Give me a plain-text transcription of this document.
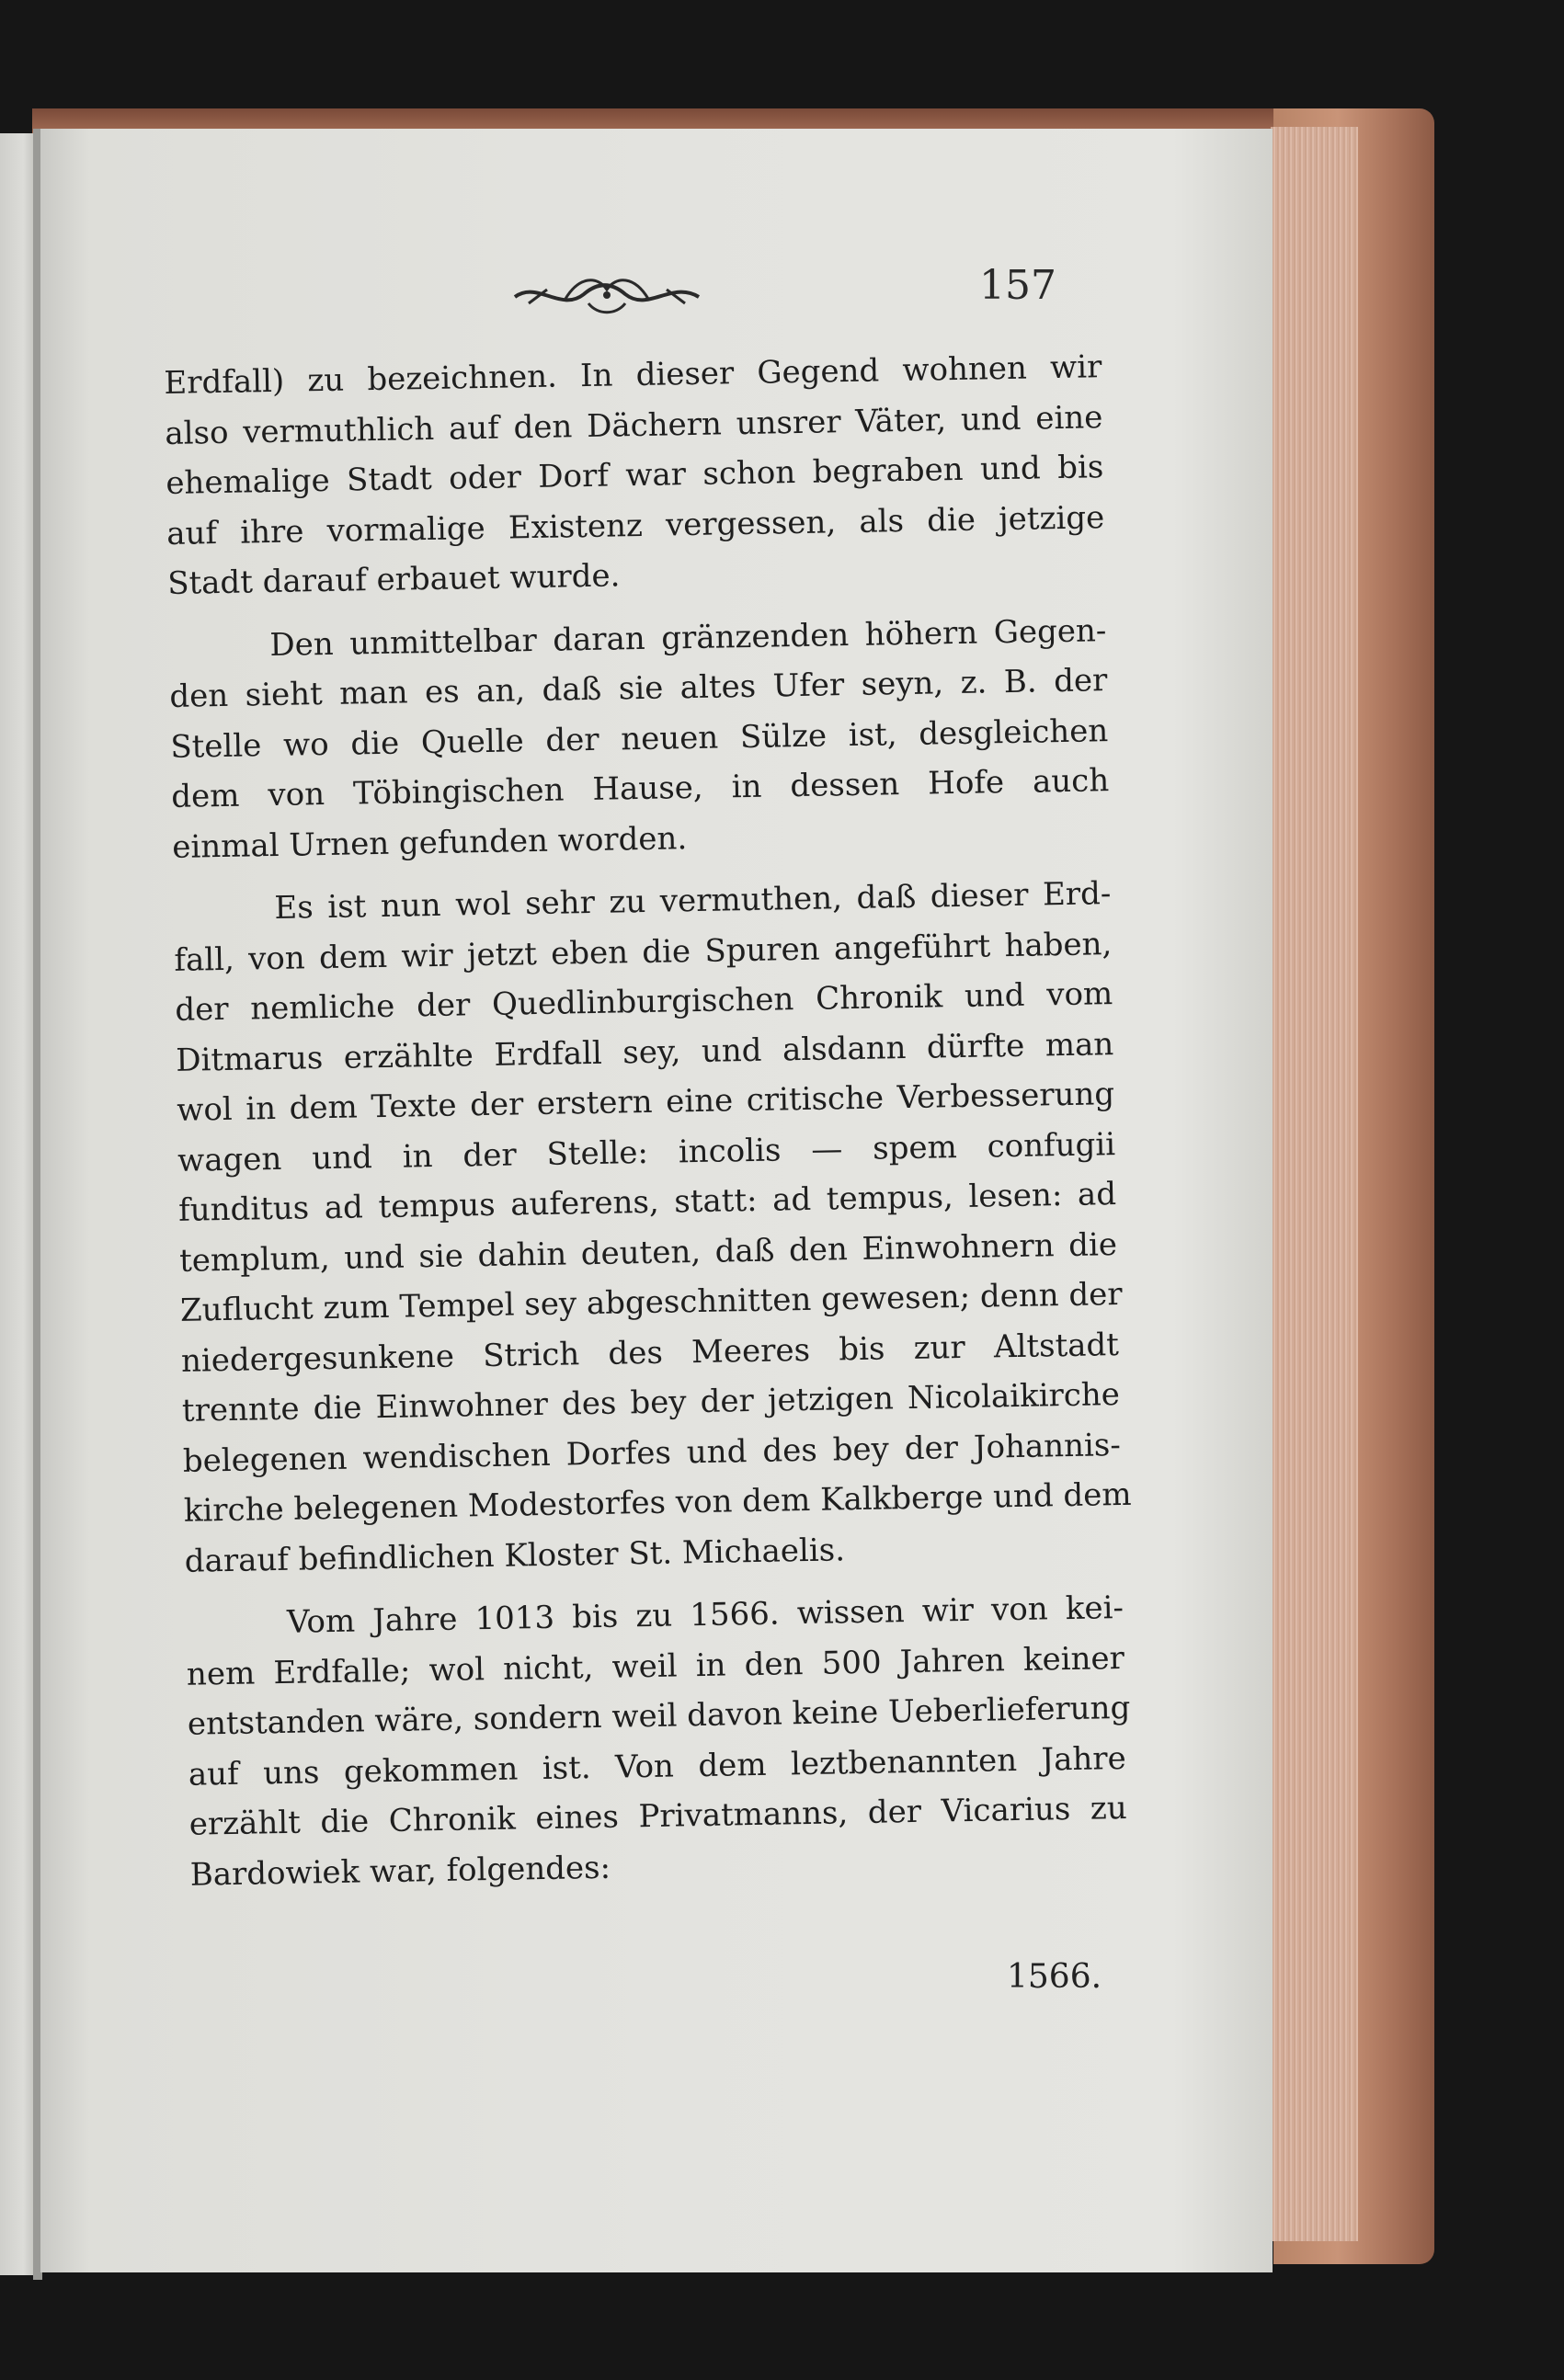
157
Erdfall) zu bezeichnen. In dieser Gegend wohnen wir
also vermuthlich auf den Dächern unsrer Väter, und eine
ehemalige Stadt oder Dorf war schon begraben und bis
auf ihre vormalige Existenz vergessen, als die jetzige
Stadt darauf erbauet wurde.
Den unmittelbar daran gränzenden höhern Gegen-
den sieht man es an, daß sie altes Ufer seyn, z. B. der
Stelle wo die Quelle der neuen Sülze ist, desgleichen
dem von Töbingischen Hause, in dessen Hofe auch
einmal Urnen gefunden worden.
Es ist nun wol sehr zu vermuthen, daß dieser Erd-
fall, von dem wir jetzt eben die Spuren angeführt haben,
der nemliche der Quedlinburgischen Chronik und vom
Ditmarus erzählte Erdfall sey, und alsdann dürfte man
wol in dem Texte der erstern eine critische Verbesserung
wagen und in der Stelle: incolis — spem confugii
funditus ad tempus auferens, statt: ad tempus, lesen: ad
templum, und sie dahin deuten, daß den Einwohnern die
Zuflucht zum Tempel sey abgeschnitten gewesen; denn der
niedergesunkene Strich des Meeres bis zur Altstadt
trennte die Einwohner des bey der jetzigen Nicolaikirche
belegenen wendischen Dorfes und des bey der Johannis-
kirche belegenen Modestorfes von dem Kalkberge und dem
darauf befindlichen Kloster St. Michaelis.
Vom Jahre 1013 bis zu 1566. wissen wir von kei-
nem Erdfalle; wol nicht, weil in den 500 Jahren keiner
entstanden wäre, sondern weil davon keine Ueberlieferung
auf uns gekommen ist. Von dem leztbenannten Jahre
erzählt die Chronik eines Privatmanns, der Vicarius zu
Bardowiek war, folgendes:
1566.
